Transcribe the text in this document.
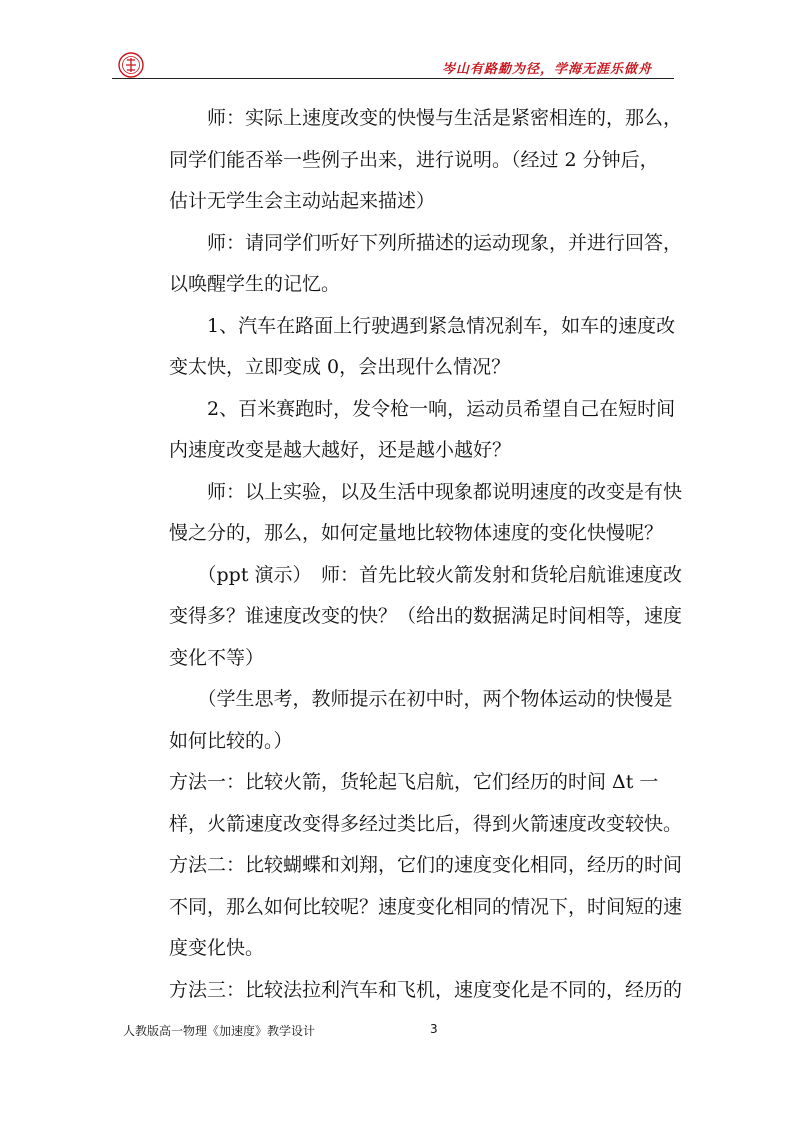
岑山有路勤为径，学海无涯乐做舟

　　师：实际上速度改变的快慢与生活是紧密相连的，那么，

同学们能否举一些例子出来，进行说明。（经过 2 分钟后，

估计无学生会主动站起来描述）

　　师：请同学们听好下列所描述的运动现象，并进行回答，

以唤醒学生的记忆。

　　1、汽车在路面上行驶遇到紧急情况刹车，如车的速度改

变太快，立即变成 0，会出现什么情况？

　　2、百米赛跑时，发令枪一响，运动员希望自己在短时间

内速度改变是越大越好，还是越小越好？

　　师：以上实验，以及生活中现象都说明速度的改变是有快

慢之分的，那么，如何定量地比较物体速度的变化快慢呢？

　　（ppt 演示）　师：首先比较火箭发射和货轮启航谁速度改

变得多？谁速度改变的快？（给出的数据满足时间相等，速度

变化不等）

　　（学生思考，教师提示在初中时，两个物体运动的快慢是

如何比较的。）

方法一：比较火箭，货轮起飞启航，它们经历的时间 Δt 一

样，火箭速度改变得多经过类比后，得到火箭速度改变较快。

方法二：比较蝴蝶和刘翔，它们的速度变化相同，经历的时间

不同，那么如何比较呢？速度变化相同的情况下，时间短的速

度变化快。

方法三：比较法拉利汽车和飞机，速度变化是不同的，经历的

人教版高一物理《加速度》教学设计	3
